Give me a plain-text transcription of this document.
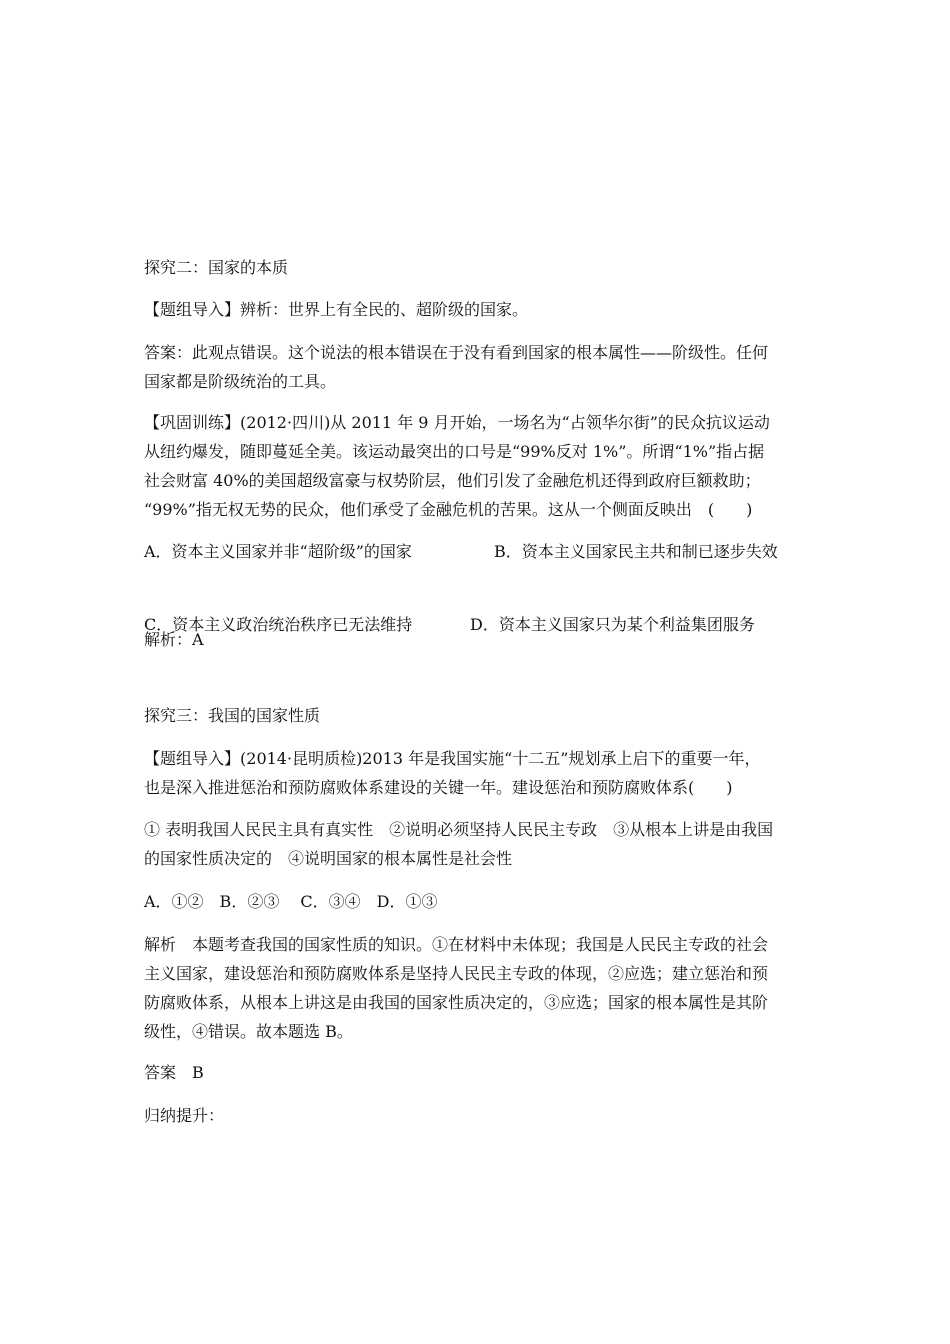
探究二：国家的本质
【题组导入】辨析：世界上有全民的、超阶级的国家。
答案：此观点错误。这个说法的根本错误在于没有看到国家的根本属性——阶级性。任何
国家都是阶级统治的工具。
【巩固训练】(2012·四川)从 2011 年 9 月开始，一场名为“占领华尔街”的民众抗议运动
从纽约爆发，随即蔓延全美。该运动最突出的口号是“99%反对 1%”。所谓“1%”指占据
社会财富 40%的美国超级富豪与权势阶层，他们引发了金融危机还得到政府巨额救助；
“99%”指无权无势的民众，他们承受了金融危机的苦果。这从一个侧面反映出　(　　)
A．资本主义国家并非“超阶级”的国家	B．资本主义国家民主共和制已逐步失效
C．资本主义政治统治秩序已无法维持	D．资本主义国家只为某个利益集团服务
解析：A
探究三：我国的国家性质
【题组导入】(2014·昆明质检)2013 年是我国实施“十二五”规划承上启下的重要一年，
也是深入推进惩治和预防腐败体系建设的关键一年。建设惩治和预防腐败体系(　　)
① 表明我国人民民主具有真实性　②说明必须坚持人民民主专政　③从根本上讲是由我国
的国家性质决定的　④说明国家的根本属性是社会性
A．①②　B．②③　 C．③④　D．①③
解析　本题考查我国的国家性质的知识。①在材料中未体现；我国是人民民主专政的社会
主义国家，建设惩治和预防腐败体系是坚持人民民主专政的体现，②应选；建立惩治和预
防腐败体系，从根本上讲这是由我国的国家性质决定的，③应选；国家的根本属性是其阶
级性，④错误。故本题选 B。
答案　B
归纳提升：
